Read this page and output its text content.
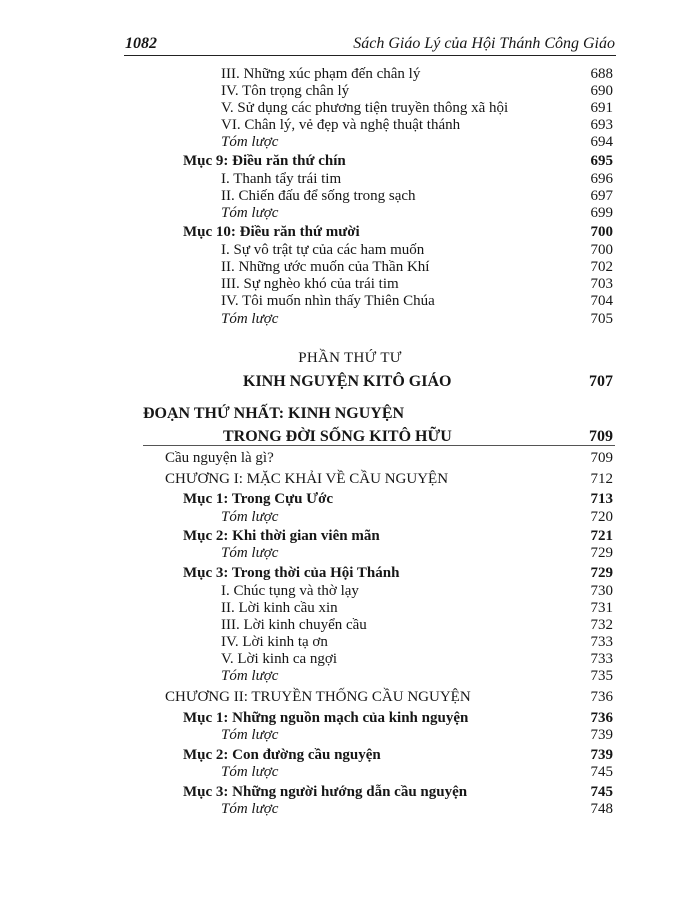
1082	Sách Giáo Lý của Hội Thánh Công Giáo
III. Những xúc phạm đến chân lý	688
IV. Tôn trọng chân lý	690
V. Sử dụng các phương tiện truyền thông xã hội	691
VI. Chân lý, vẻ đẹp và nghệ thuật thánh	693
Tóm lược	694
Mục 9: Điều răn thứ chín	695
I. Thanh tẩy trái tim	696
II. Chiến đấu để sống trong sạch	697
Tóm lược	699
Mục 10: Điều răn thứ mười	700
I. Sự vô trật tự của các ham muốn	700
II. Những ước muốn của Thần Khí	702
III. Sự nghèo khó của trái tim	703
IV. Tôi muốn nhìn thấy Thiên Chúa	704
Tóm lược	705
PHẦN THỨ TƯ
KINH NGUYỆN KITÔ GIÁO	707
ĐOẠN THỨ NHẤT: KINH NGUYỆN
TRONG ĐỜI SỐNG KITÔ HỮU	709
Cầu nguyện là gì?	709
CHƯƠNG I: MẶC KHẢI VỀ CẦU NGUYỆN	712
Mục 1: Trong Cựu Ước	713
Tóm lược	720
Mục 2: Khi thời gian viên mãn	721
Tóm lược	729
Mục 3: Trong thời của Hội Thánh	729
I. Chúc tụng và thờ lạy	730
II. Lời kinh cầu xin	731
III. Lời kinh chuyển cầu	732
IV. Lời kinh tạ ơn	733
V. Lời kinh ca ngợi	733
Tóm lược	735
CHƯƠNG II: TRUYỀN THỐNG CẦU NGUYỆN	736
Mục 1: Những nguồn mạch của kinh nguyện	736
Tóm lược	739
Mục 2: Con đường cầu nguyện	739
Tóm lược	745
Mục 3: Những người hướng dẫn cầu nguyện	745
Tóm lược	748
